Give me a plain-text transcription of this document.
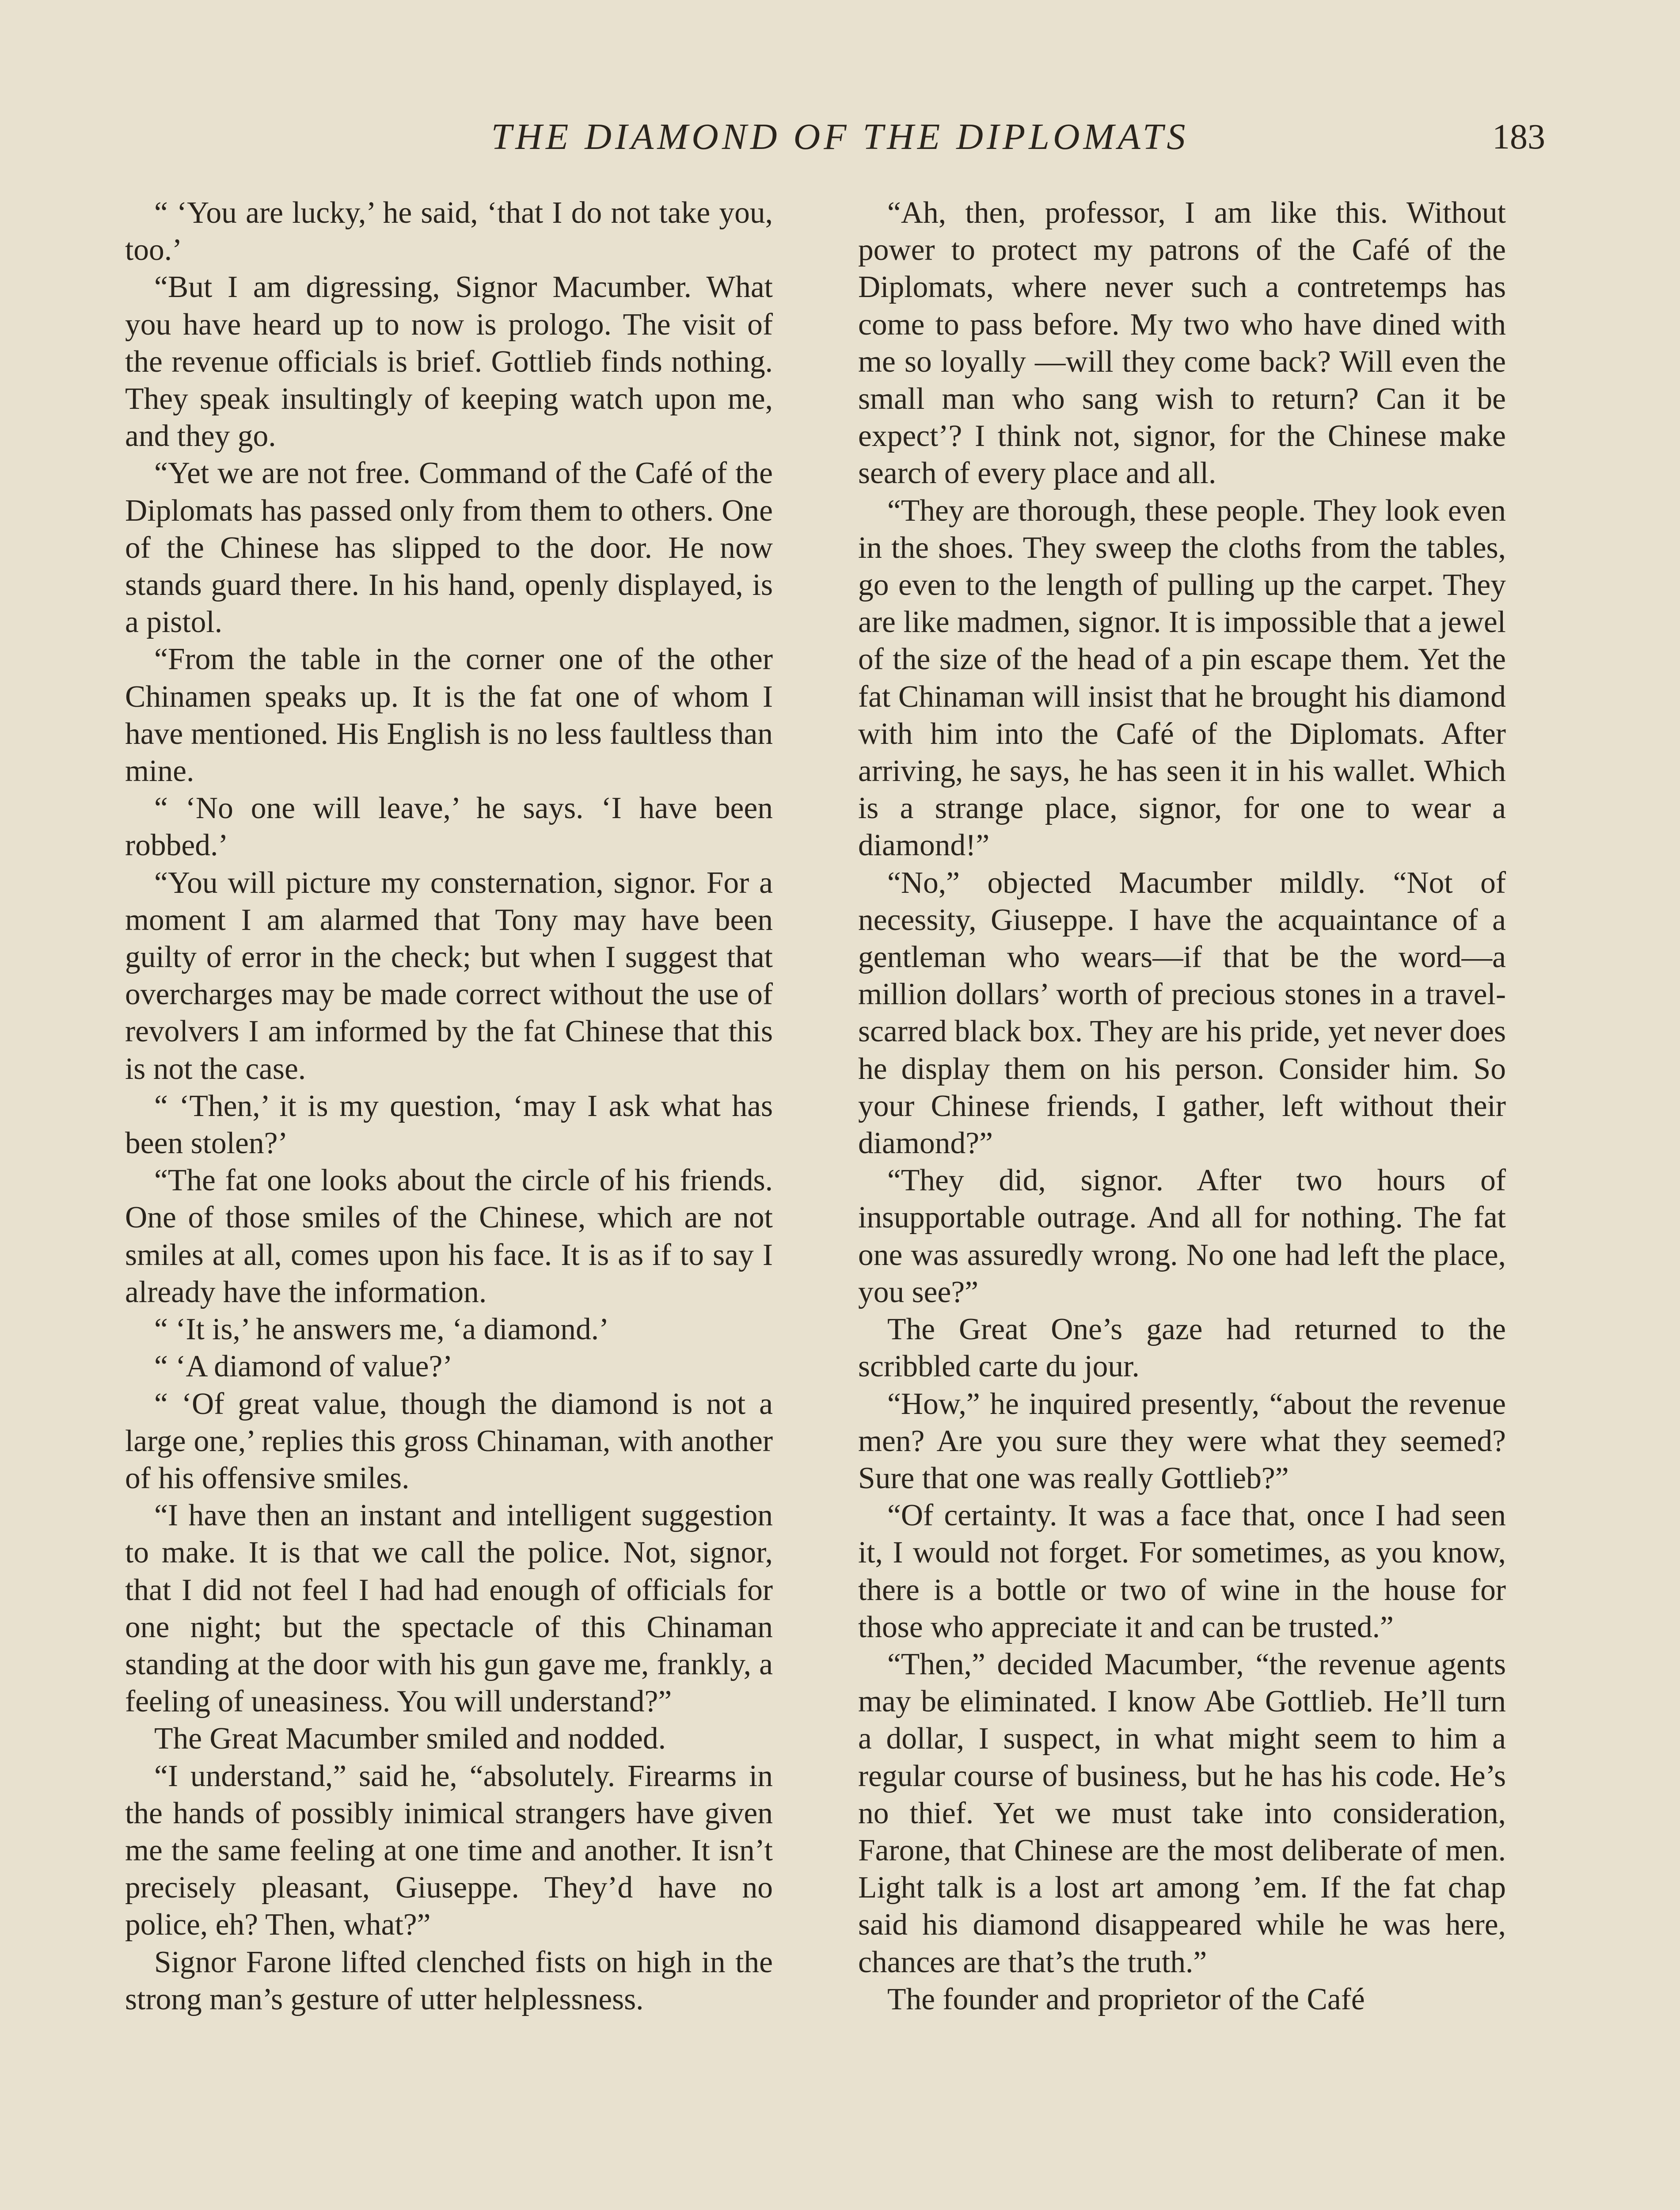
THE DIAMOND OF THE DIPLOMATS	183

“ ‘You are lucky,’ he said, ‘that I do not take you, too.’

“But I am digressing, Signor Macumber. What you have heard up to now is prologo. The visit of the revenue officials is brief. Gottlieb finds nothing. They speak insultingly of keeping watch upon me, and they go.

“Yet we are not free. Command of the Café of the Diplomats has passed only from them to others. One of the Chinese has slipped to the door. He now stands guard there. In his hand, openly displayed, is a pistol.

“From the table in the corner one of the other Chinamen speaks up. It is the fat one of whom I have mentioned. His English is no less faultless than mine.

“ ‘No one will leave,’ he says. ‘I have been robbed.’

“You will picture my consternation, signor. For a moment I am alarmed that Tony may have been guilty of error in the check; but when I suggest that overcharges may be made correct without the use of revolvers I am informed by the fat Chinese that this is not the case.

“ ‘Then,’ it is my question, ‘may I ask what has been stolen?’

“The fat one looks about the circle of his friends. One of those smiles of the Chinese, which are not smiles at all, comes upon his face. It is as if to say I already have the information.

“ ‘It is,’ he answers me, ‘a diamond.’

“ ‘A diamond of value?’

“ ‘Of great value, though the diamond is not a large one,’ replies this gross Chinaman, with another of his offensive smiles.

“I have then an instant and intelligent suggestion to make. It is that we call the police. Not, signor, that I did not feel I had had enough of officials for one night; but the spectacle of this Chinaman standing at the door with his gun gave me, frankly, a feeling of uneasiness. You will understand?”

The Great Macumber smiled and nodded.

“I understand,” said he, “absolutely. Firearms in the hands of possibly inimical strangers have given me the same feeling at one time and another. It isn’t precisely pleasant, Giuseppe. They’d have no police, eh? Then, what?”

Signor Farone lifted clenched fists on high in the strong man’s gesture of utter helplessness.

“Ah, then, professor, I am like this. Without power to protect my patrons of the Café of the Diplomats, where never such a contretemps has come to pass before. My two who have dined with me so loyally —will they come back? Will even the small man who sang wish to return? Can it be expect’? I think not, signor, for the Chinese make search of every place and all.

“They are thorough, these people. They look even in the shoes. They sweep the cloths from the tables, go even to the length of pulling up the carpet. They are like madmen, signor. It is impossible that a jewel of the size of the head of a pin escape them. Yet the fat Chinaman will insist that he brought his diamond with him into the Café of the Diplomats. After arriving, he says, he has seen it in his wallet. Which is a strange place, signor, for one to wear a diamond!”

“No,” objected Macumber mildly. “Not of necessity, Giuseppe. I have the acquaintance of a gentleman who wears—if that be the word—a million dollars’ worth of precious stones in a travel-scarred black box. They are his pride, yet never does he display them on his person. Consider him. So your Chinese friends, I gather, left without their diamond?”

“They did, signor. After two hours of insupportable outrage. And all for nothing. The fat one was assuredly wrong. No one had left the place, you see?”

The Great One’s gaze had returned to the scribbled carte du jour.

“How,” he inquired presently, “about the revenue men? Are you sure they were what they seemed? Sure that one was really Gottlieb?”

“Of certainty. It was a face that, once I had seen it, I would not forget. For sometimes, as you know, there is a bottle or two of wine in the house for those who appreciate it and can be trusted.”

“Then,” decided Macumber, “the revenue agents may be eliminated. I know Abe Gottlieb. He’ll turn a dollar, I suspect, in what might seem to him a regular course of business, but he has his code. He’s no thief. Yet we must take into consideration, Farone, that Chinese are the most deliberate of men. Light talk is a lost art among ’em. If the fat chap said his diamond disappeared while he was here, chances are that’s the truth.”

The founder and proprietor of the Café
